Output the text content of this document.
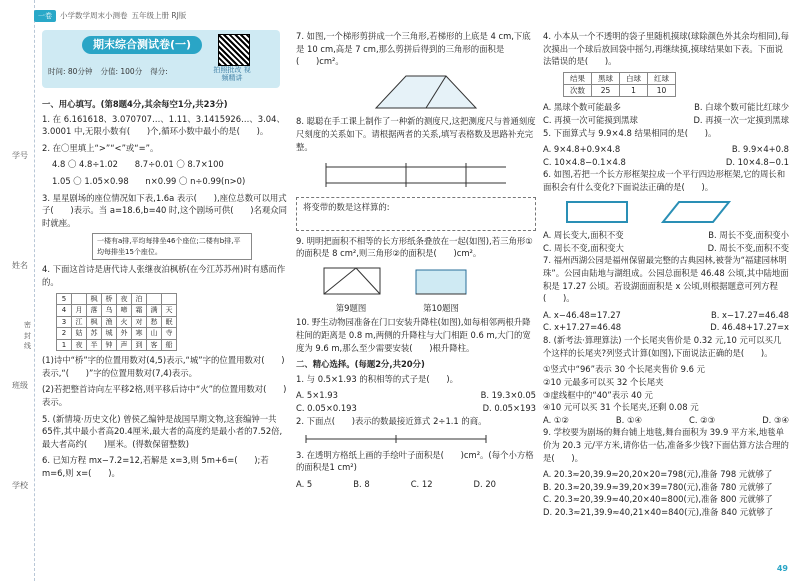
学号
姓名
班级
学校
密 封 线
一卷	小学数学周末小测卷 五年级上册 RJ版
期末综合测试卷(一)
时间: 80分钟 分值: 100分 得分:	拍照批改 视频精讲
一、用心填写。(第8题4分,其余每空1分,共23分)
1. 在 6.161618、3.070707…、1.11、3.1415926…、3.04、3.0001 中,无限小数有(　　)个,循环小数中最小的是(　　)。
2. 在〇里填上“>”“<”或“=”。
4.8 〇 4.8÷1.02　　8.7÷0.01 〇 8.7×100
1.05 〇 1.05×0.98　　n×0.99 〇 n÷0.99(n>0)
3. 星星剧场的座位情况如下表,1.6a 表示(　　),座位总数可以用式子(　　)表示。当 a=18.6,b=40 时,这个剧场可供(　　)名观众同时就座。
一楼有a排,平均每排坐46个座位;二楼有b排,平均每排坐15个座位。
4. 下面这首诗是唐代诗人张继夜泊枫桥(在今江苏苏州)时有感而作的。
5		枫	桥	夜	泊		
4	月	落	乌	啼	霜	满	天
3	江	枫	渔	火	对	愁	眠
2	姑	苏	城	外	寒	山	寺
1	夜	半	钟	声	到	客	船
(1)诗中“桥”字的位置用数对(4,5)表示,“城”字的位置用数对(　　)表示,“(　　)”字的位置用数对(7,4)表示。
(2)若把整首诗向左平移2格,则平移后诗中“火”的位置用数对(　　)表示。
5. (新情境·历史文化) 曾侯乙编钟是战国早期文物,这套编钟一共65件,其中最小者高20.4厘米,最大者的高度约是最小者的7.52倍,最大者高约(　　)厘米。(得数保留整数)
6. 已知方程 mx−7.2=12,若解是 x=3,则 5m+6=(　　);若 m=6,则 x=(　　)。
7. 如图,一个梯形剪拼成一个三角形,若梯形的上底是 4 cm,下底是 10 cm,高是 7 cm,那么剪拼后得到的三角形的面积是(　　)cm²。
8. 聪聪在手工课上制作了一种新的测度尺,这把测度尺与普通刻度尺刻度的关系如下。请根据两者的关系,填写表格数及思路补充完整。
将变带的数是这样算的:
9. 明明把面积不相等的长方形纸条叠放在一起(如图),若三角形①的面积是 8 cm²,则三角形②的面积是(　　)cm²。
第9题图	第10题图
10. 野生动物园准备在门口安装升降柱(如图),如每相邻两根升降柱间的距离是 0.8 m,两侧的升降柱与大门相距 0.6 m,大门的宽度为 9.6 m,那么至少需要安装(　　)根升降柱。
二、精心选择。(每题2分,共20分)
1. 与 0.5×1.93 的积相等的式子是(　　)。
A. 5×1.93	B. 19.3×0.05
C. 0.05×0.193	D. 0.05×193
2. 下面点(　　)表示的数最接近算式 2÷1.1 的商。
3. 在透明方格纸上画的手绘叶子面积是(　　)cm²。(每个小方格的面积是1 cm²)
A. 5	B. 8	C. 12	D. 20
4. 小本从一个不透明的袋子里随机摸球(球除颜色外其余均相同),每次摸出一个球后放回袋中摇匀,再继续摸,摸球结果如下表。下面说法错误的是(　　)。
结果	黑球	白球	红球
次数	25	1	10
A. 黑球个数可能最多	B. 白球个数可能比红球少
C. 再摸一次可能摸到黑球	D. 再摸一次一定摸到黑球
5. 下面算式与 9.9×4.8 结果相同的是(　　)。
A. 9×4.8+0.9×4.8	B. 9.9×4+0.8
C. 10×4.8−0.1×4.8	D. 10×4.8−0.1
6. 如图,若把一个长方形框架拉成一个平行四边形框架,它的周长和面积会有什么变化?下面说法正确的是(　　)。
A. 周长变大,面积不变	B. 周长不变,面积变小
C. 周长不变,面积变大	D. 周长不变,面积不变
7. 福州西湖公园是福州保留最完整的古典园林,被誉为“福建园林明珠”。公园由陆地与湖组成。公园总面积是 46.48 公顷,其中陆地面积是 17.27 公顷。若设湖面面积是 x 公顷,则根据题意可列方程(　　)。
A. x−46.48=17.27	B. x−17.27=46.48
C. x+17.27=46.48	D. 46.48+17.27=x
8. (新考法·算理算法) 一个长尾夹售价是 0.32 元,10 元可以买几个这样的长尾夹?列竖式计算(如图),下面说法正确的是(　　)。
①竖式中“96”表示 30 个长尾夹售价 9.6 元
②10 元最多可以买 32 个长尾夹
③虚线框中的“40”表示 40 元
④10 元可以买 31 个长尾夹,还剩 0.08 元
A. ①②	B. ①④	C. ②③	D. ③④
9. 学校要为剧场的舞台铺上地毯,舞台面积为 39.9 平方米,地毯单价为 20.3 元/平方米,请你估一估,准备多少钱?下面估算方法合理的是(　　)。
A. 20.3≈20,39.9≈20,20×20=798(元),准备 798 元就够了
B. 20.3≈20,39.9≈39,20×39=780(元),准备 780 元就够了
C. 20.3≈20,39.9≈40,20×40=800(元),准备 800 元就够了
D. 20.3≈21,39.9≈40,21×40=840(元),准备 840 元就够了
49
